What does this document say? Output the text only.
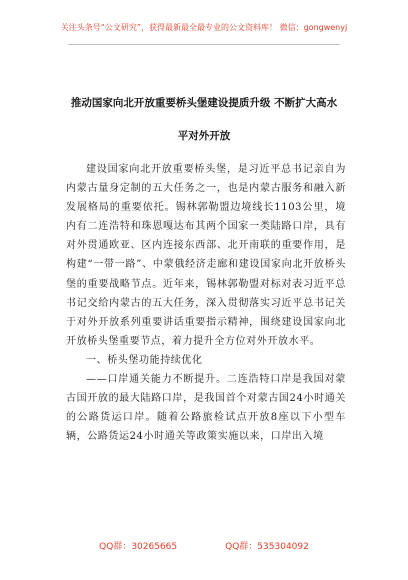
关注头条号“公文研究”，获得最新最全最专业的公文资料库！ 微信：gongwenyj
推动国家向北开放重要桥头堡建设提质升级 不断扩大高水
平对外开放

建设国家向北开放重要桥头堡，是习近平总书记亲自为内蒙古量身定制的五大任务之一，也是内蒙古服务和融入新发展格局的重要依托。锡林郭勒盟边境线长1103公里，境内有二连浩特和珠恩嘎达布其两个国家一类陆路口岸，具有对外贯通欧亚、区内连接东西部、北开南联的重要作用，是构建“一带一路”、中蒙俄经济走廊和建设国家向北开放桥头堡的重要战略节点。近年来，锡林郭勒盟对标对表习近平总书记交给内蒙古的五大任务，深入贯彻落实习近平总书记关于对外开放系列重要讲话重要指示精神，围绕建设国家向北开放桥头堡重要节点，着力提升全方位对外开放水平。

一、桥头堡功能持续优化

——口岸通关能力不断提升。二连浩特口岸是我国对蒙古国开放的最大陆路口岸，是我国首个对蒙古国24小时通关的公路货运口岸。随着公路旅检试点开放8座以下小型车辆，公路货运24小时通关等政策实施以来，口岸出入境

QQ群：30265665	QQ群：535304092
